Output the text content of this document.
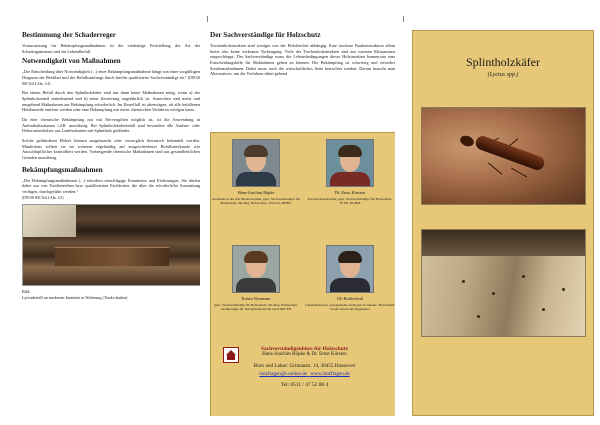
Bestimmung der Schaderreger

Voraussetzung für Bekämpfungsmaßnahmen ist die eindeutige Feststellung der Art der Schadorganismen und ein Lebendbefall.

Notwendigkeit von Maßnahmen

„Die Entscheidung über Notwendigkeit (...) einer Bekämpfungsmaßnahme hängt von einer sorgfältigen Diagnose der Befallart und des Befallsumfangs durch hierfür qualifizierte Sachverständige ab.“ (DIN 68 800 Teil 4 Abs. 4.4)

Bei einem Befall durch den Splintholzkäfer sind nur dann keine Maßnahmen nötig, wenn a) der Splintholzanteil unbedeutend und b) seine Zerstörung ungefährlich ist. Anzeichen sind meist und umgehend Maßnahmen zur Bekämpfung erforderlich. Im Einzelfall ist abzuwägen, ob alle befallenen Holzbauteile entfernt werden oder eine Bekämpfung mit meist chemischen Verfahren erfolgen kann.

Da eine chemische Bekämpfung nur mit Nervengiften möglich ist, ist die Anwendung in Aufenthaltsräumen i.d.R. unzulässig. Bei Splintholzkäferbefall sind besondere alle Ausbau- oder Dekorationshölzer aus Laubholzarten mit Splintholz gefährdet.

Solche gefährdeten Hölzer können ausgetauscht oder vorsorglich thermisch behandelt werden. Mindestens sollten sie im weiteren regelmäßig auf ausgeschiedenes Befallsmerkmale wie Ausschlupflöcher kontrolliert werden. Vorbeugende chemische Maßnahmen sind aus gesundheitlichen Gründen unzulässig.

Bekämpfungsmaßnahmen

„Die Bekämpfungsmaßnahmen (...) erfordern einschlägige Kenntnisse und Erfahrungen. Sie dürfen daher nur von Fachbetrieben bzw. qualifizierten Fachleuten, die über die erforderliche Ausstattung verfügen, durchgeführt werden.“
(DIN 68 800 Teil 4 Abs. 4.5)

Bild:
Lyctusbefall an moderner Innentür in Wohnung (Totalschaden)
Der Sachverständige für Holzschutz

Trockenholzinsekten sind weniger von der Holzfeuchte abhängig. Eine trockene Baukonstruktion allein bietet also keine wirksame Vorbeugung. Viele der Trockenholzinsekten sind aus warmen Klimazonen eingeschleppt. Der Sachverständige muss die Lebensbedingungen dieser Holzinsekten kennen,um eine Entscheidungshilfe für Maßnahmen geben zu können. Die Bekämpfung ist schwierig und erfordert Sondermaßnahmen. Dabei muss auch die wirtschaftliches Seite betrachtet werden. Darum braucht man Alternativen, um die Verfahren dabei gehend

Hans-Joachim Rüpke
Architekt in der AK Niedersachsen, gepr. Sachverständiger für Holzschutz, SK-Reg. Holzschutz, WTA-D, DHBV
Dr. Ernst Kürsten
Forstwissenschaftler, gepr. Sachverständiger für Holzschutz, IVTH, DGHM
Katrin Neumann
gepr. Sachverständige für Holzschutz, SK-Reg. Holzschutz, Sachkundige für Spielplatzkontrolle nach DIN EN
Uli Bohlscheid
Chemielaborant, anorganische Analysen zu Salzen / Holzschutz Verein Deutscher Ingenieure
Sachverständigenbüro für Holzschutz
Hans-Joachim Rüpke & Dr. Ernst Kürsten
Büro und Labor: Grimaustr. 14, 30455 Hannover
holzfragen@t-online.de www.holzfragen.de
Tel: 0511 / 47 52 88 4
Splintholzkäfer
(Lyctus spp.)
